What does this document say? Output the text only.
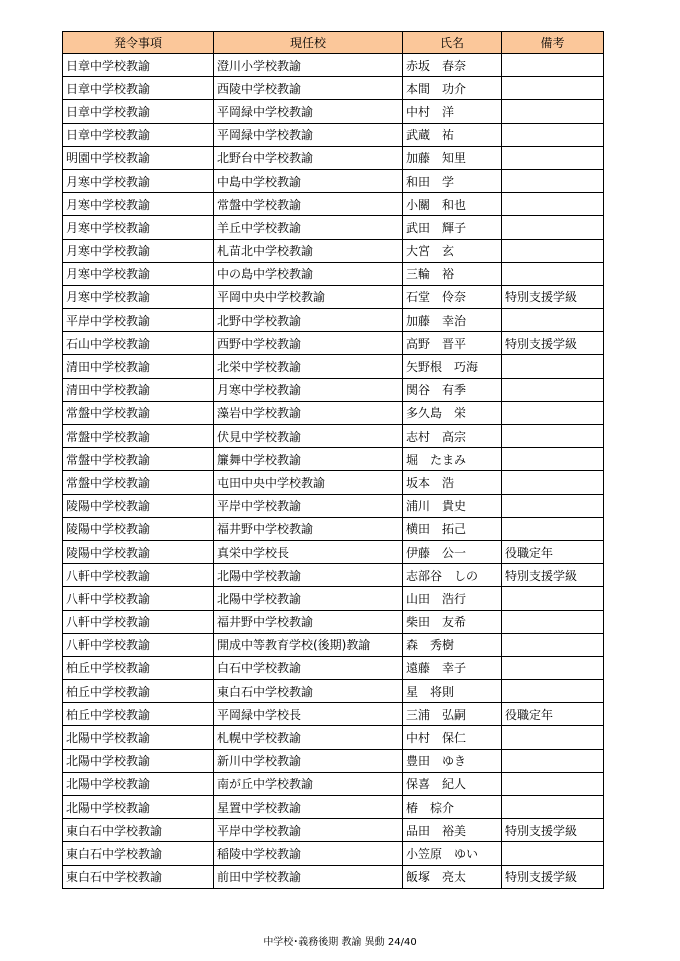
発令事項	現任校	氏名	備考
日章中学校教諭	澄川小学校教諭	赤坂　春奈	
日章中学校教諭	西陵中学校教諭	本間　功介	
日章中学校教諭	平岡緑中学校教諭	中村　洋	
日章中学校教諭	平岡緑中学校教諭	武蔵　祐	
明園中学校教諭	北野台中学校教諭	加藤　知里	
月寒中学校教諭	中島中学校教諭	和田　学	
月寒中学校教諭	常盤中学校教諭	小關　和也	
月寒中学校教諭	羊丘中学校教諭	武田　輝子	
月寒中学校教諭	札苗北中学校教諭	大宮　玄	
月寒中学校教諭	中の島中学校教諭	三輪　裕	
月寒中学校教諭	平岡中央中学校教諭	石堂　伶奈	特別支援学級
平岸中学校教諭	北野中学校教諭	加藤　幸治	
石山中学校教諭	西野中学校教諭	高野　晋平	特別支援学級
清田中学校教諭	北栄中学校教諭	矢野根　巧海	
清田中学校教諭	月寒中学校教諭	関谷　有季	
常盤中学校教諭	藻岩中学校教諭	多久島　栄	
常盤中学校教諭	伏見中学校教諭	志村　高宗	
常盤中学校教諭	簾舞中学校教諭	堀　たまみ	
常盤中学校教諭	屯田中央中学校教諭	坂本　浩	
陵陽中学校教諭	平岸中学校教諭	浦川　貴史	
陵陽中学校教諭	福井野中学校教諭	横田　拓己	
陵陽中学校教諭	真栄中学校長	伊藤　公一	役職定年
八軒中学校教諭	北陽中学校教諭	志部谷　しの	特別支援学級
八軒中学校教諭	北陽中学校教諭	山田　浩行	
八軒中学校教諭	福井野中学校教諭	柴田　友希	
八軒中学校教諭	開成中等教育学校(後期)教諭	森　秀樹	
柏丘中学校教諭	白石中学校教諭	遠藤　幸子	
柏丘中学校教諭	東白石中学校教諭	星　将則	
柏丘中学校教諭	平岡緑中学校長	三浦　弘嗣	役職定年
北陽中学校教諭	札幌中学校教諭	中村　保仁	
北陽中学校教諭	新川中学校教諭	豊田　ゆき	
北陽中学校教諭	南が丘中学校教諭	保喜　紀人	
北陽中学校教諭	星置中学校教諭	椿　棕介	
東白石中学校教諭	平岸中学校教諭	品田　裕美	特別支援学級
東白石中学校教諭	稲陵中学校教諭	小笠原　ゆい	
東白石中学校教諭	前田中学校教諭	飯塚　亮太	特別支援学級
中学校･義務後期 教諭 異動 24/40
